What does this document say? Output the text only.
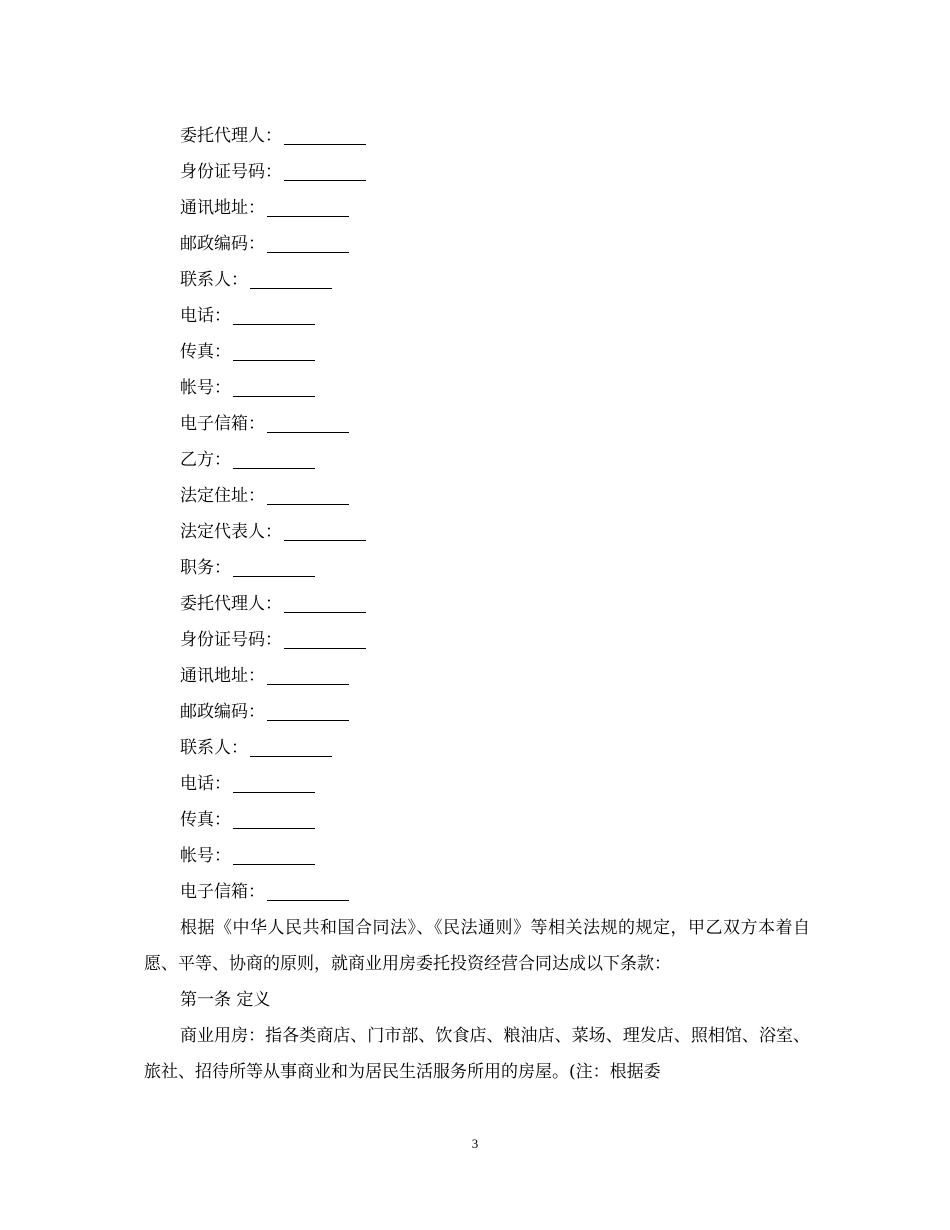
委托代理人：
身份证号码：
通讯地址：
邮政编码：
联系人：
电话：
传真：
帐号：
电子信箱：
乙方：
法定住址：
法定代表人：
职务：
委托代理人：
身份证号码：
通讯地址：
邮政编码：
联系人：
电话：
传真：
帐号：
电子信箱：

根据《中华人民共和国合同法》、《民法通则》等相关法规的规定，甲乙双方本着自愿、平等、协商的原则，就商业用房委托投资经营合同达成以下条款：

第一条 定义

商业用房：指各类商店、门市部、饮食店、粮油店、菜场、理发店、照相馆、浴室、旅社、招待所等从事商业和为居民生活服务所用的房屋。(注：根据委

3
